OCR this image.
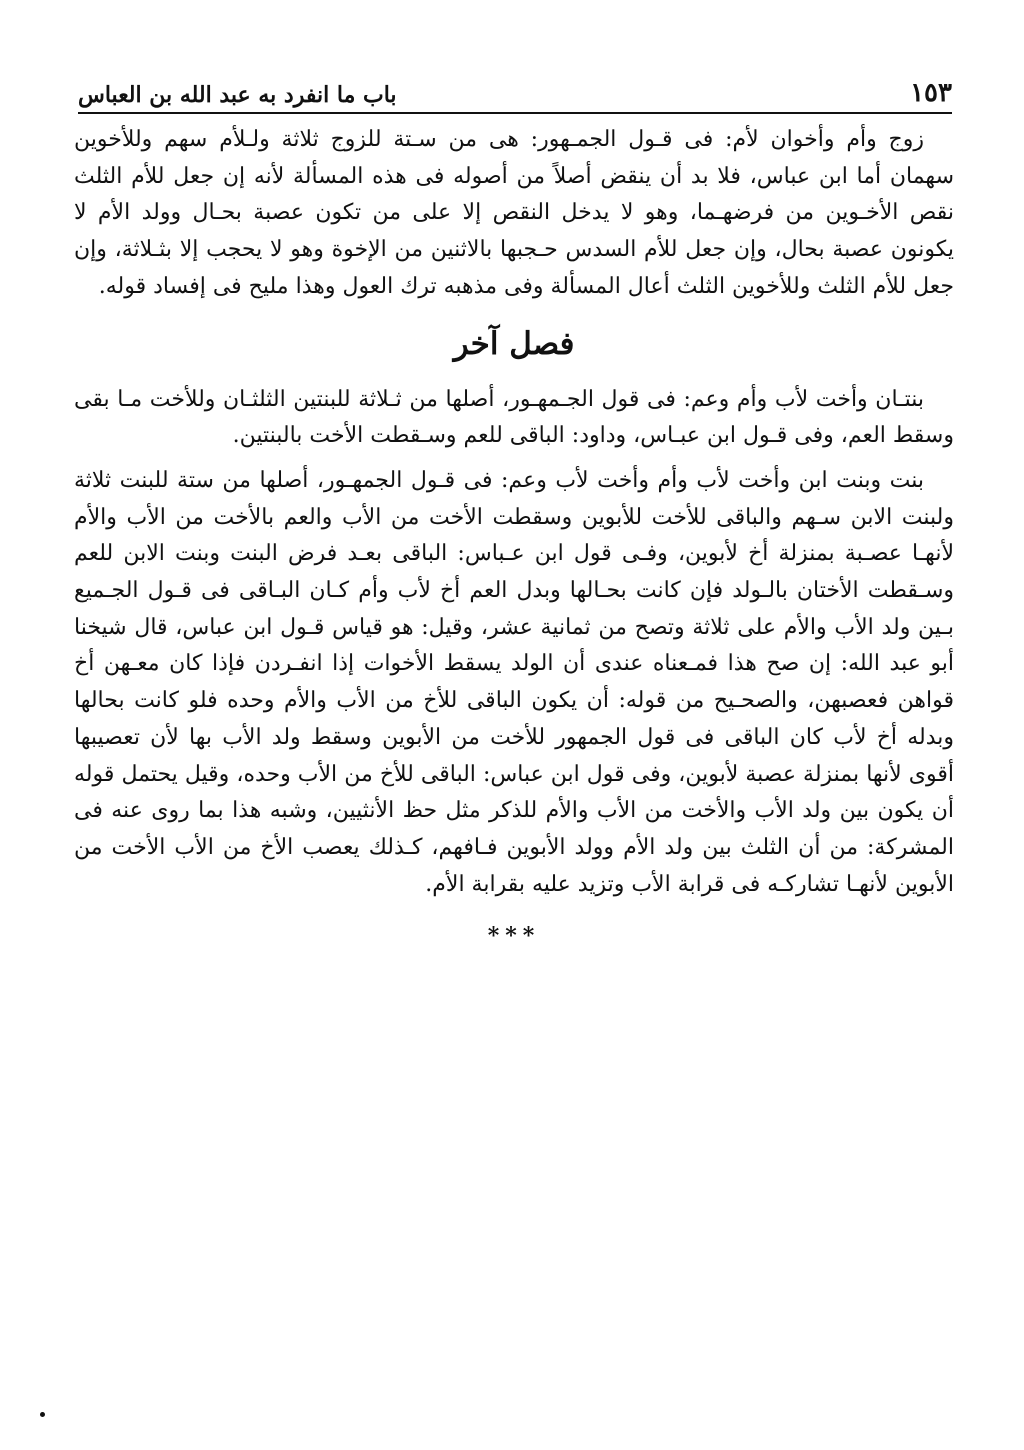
باب ما انفرد به عبد الله بن العباس	١٥٣

زوج وأم وأخوان لأم: فى قـول الجمـهور: هى من سـتة للزوج ثلاثة ولـلأم سهم وللأخوين سهمان أما ابن عباس، فلا بد أن ينقض أصلاً من أصوله فى هذه المسألة لأنه إن جعل للأم الثلث نقص الأخـوين من فرضهـما، وهو لا يدخل النقص إلا على من تكون عصبة بحـال وولد الأم لا يكونون عصبة بحال، وإن جعل للأم السدس حـجبها بالاثنين من الإخوة وهو لا يحجب إلا بثـلاثة، وإن جعل للأم الثلث وللأخوين الثلث أعال المسألة وفى مذهبه ترك العول وهذا مليح فى إفساد قوله.

فصل آخر

بنتـان وأخت لأب وأم وعم: فى قول الجـمهـور، أصلها من ثـلاثة للبنتين الثلثـان وللأخت مـا بقى وسقط العم، وفى قـول ابن عبـاس، وداود: الباقى للعم وسـقطت الأخت بالبنتين.

بنت وبنت ابن وأخت لأب وأم وأخت لأب وعم: فى قـول الجمهـور، أصلها من ستة للبنت ثلاثة ولبنت الابن سـهم والباقى للأخت للأبوين وسقطت الأخت من الأب والعم بالأخت من الأب والأم لأنهـا عصـبة بمنزلة أخ لأبوين، وفـى قول ابن عـباس: الباقى بعـد فرض البنت وبنت الابن للعم وسـقطت الأختان بالـولد فإن كانت بحـالها وبدل العم أخ لأب وأم كـان البـاقى فى قـول الجـميع بـين ولد الأب والأم على ثلاثة وتصح من ثمانية عشر، وقيل: هو قياس قـول ابن عباس، قال شيخنا أبو عبد الله: إن صح هذا فمـعناه عندى أن الولد يسقط الأخوات إذا انفـردن فإذا كان معـهن أخ قواهن فعصبهن، والصحـيح من قوله: أن يكون الباقى للأخ من الأب والأم وحده فلو كانت بحالها وبدله أخ لأب كان الباقى فى قول الجمهور للأخت من الأبوين وسقط ولد الأب بها لأن تعصيبها أقوى لأنها بمنزلة عصبة لأبوين، وفى قول ابن عباس: الباقى للأخ من الأب وحده، وقيل يحتمل قوله أن يكون بين ولد الأب والأخت من الأب والأم للذكر مثل حظ الأنثيين، وشبه هذا بما روى عنه فى المشركة: من أن الثلث بين ولد الأم وولد الأبوين فـافهم، كـذلك يعصب الأخ من الأب الأخت من الأبوين لأنهـا تشاركـه فى قرابة الأب وتزيد عليه بقرابة الأم.

***
